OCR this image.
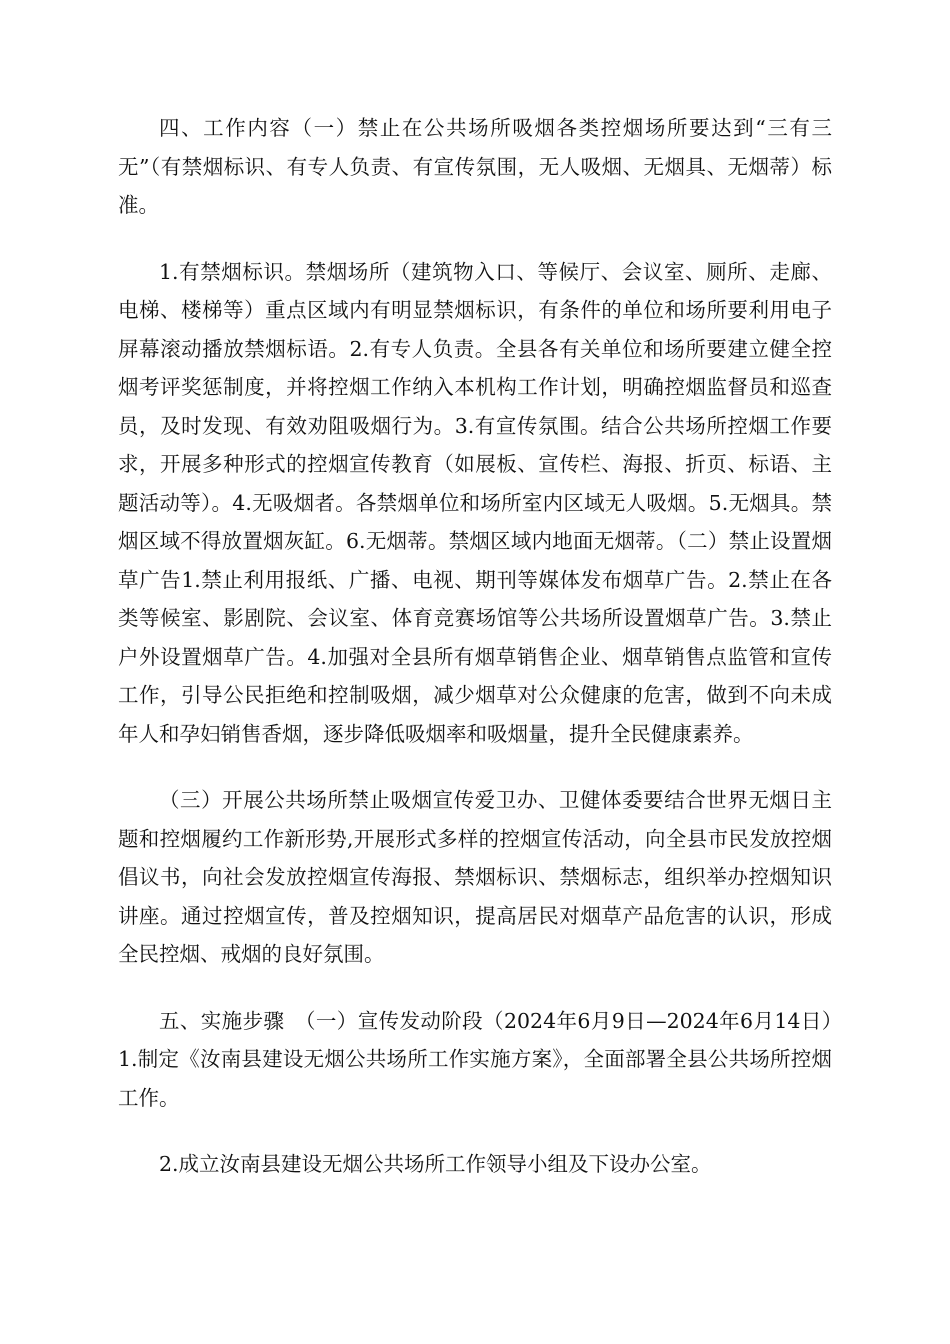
四、工作内容（一）禁止在公共场所吸烟各类控烟场所要达到“三有三无”（有禁烟标识、有专人负责、有宣传氛围，无人吸烟、无烟具、无烟蒂）标准。

1.有禁烟标识。禁烟场所（建筑物入口、等候厅、会议室、厕所、走廊、电梯、楼梯等）重点区域内有明显禁烟标识，有条件的单位和场所要利用电子屏幕滚动播放禁烟标语。2.有专人负责。全县各有关单位和场所要建立健全控烟考评奖惩制度，并将控烟工作纳入本机构工作计划，明确控烟监督员和巡查员，及时发现、有效劝阻吸烟行为。3.有宣传氛围。结合公共场所控烟工作要求，开展多种形式的控烟宣传教育（如展板、宣传栏、海报、折页、标语、主题活动等）。4.无吸烟者。各禁烟单位和场所室内区域无人吸烟。5.无烟具。禁烟区域不得放置烟灰缸。6.无烟蒂。禁烟区域内地面无烟蒂。（二）禁止设置烟草广告1.禁止利用报纸、广播、电视、期刊等媒体发布烟草广告。2.禁止在各类等候室、影剧院、会议室、体育竞赛场馆等公共场所设置烟草广告。3.禁止户外设置烟草广告。4.加强对全县所有烟草销售企业、烟草销售点监管和宣传工作，引导公民拒绝和控制吸烟，减少烟草对公众健康的危害，做到不向未成年人和孕妇销售香烟，逐步降低吸烟率和吸烟量，提升全民健康素养。

（三）开展公共场所禁止吸烟宣传爱卫办、卫健体委要结合世界无烟日主题和控烟履约工作新形势,开展形式多样的控烟宣传活动，向全县市民发放控烟倡议书，向社会发放控烟宣传海报、禁烟标识、禁烟标志，组织举办控烟知识讲座。通过控烟宣传，普及控烟知识，提高居民对烟草产品危害的认识，形成全民控烟、戒烟的良好氛围。

五、实施步骤　（一）宣传发动阶段（2024年6月9日—2024年6月14日）　　1.制定《汝南县建设无烟公共场所工作实施方案》，全面部署全县公共场所控烟工作。

2.成立汝南县建设无烟公共场所工作领导小组及下设办公室。
